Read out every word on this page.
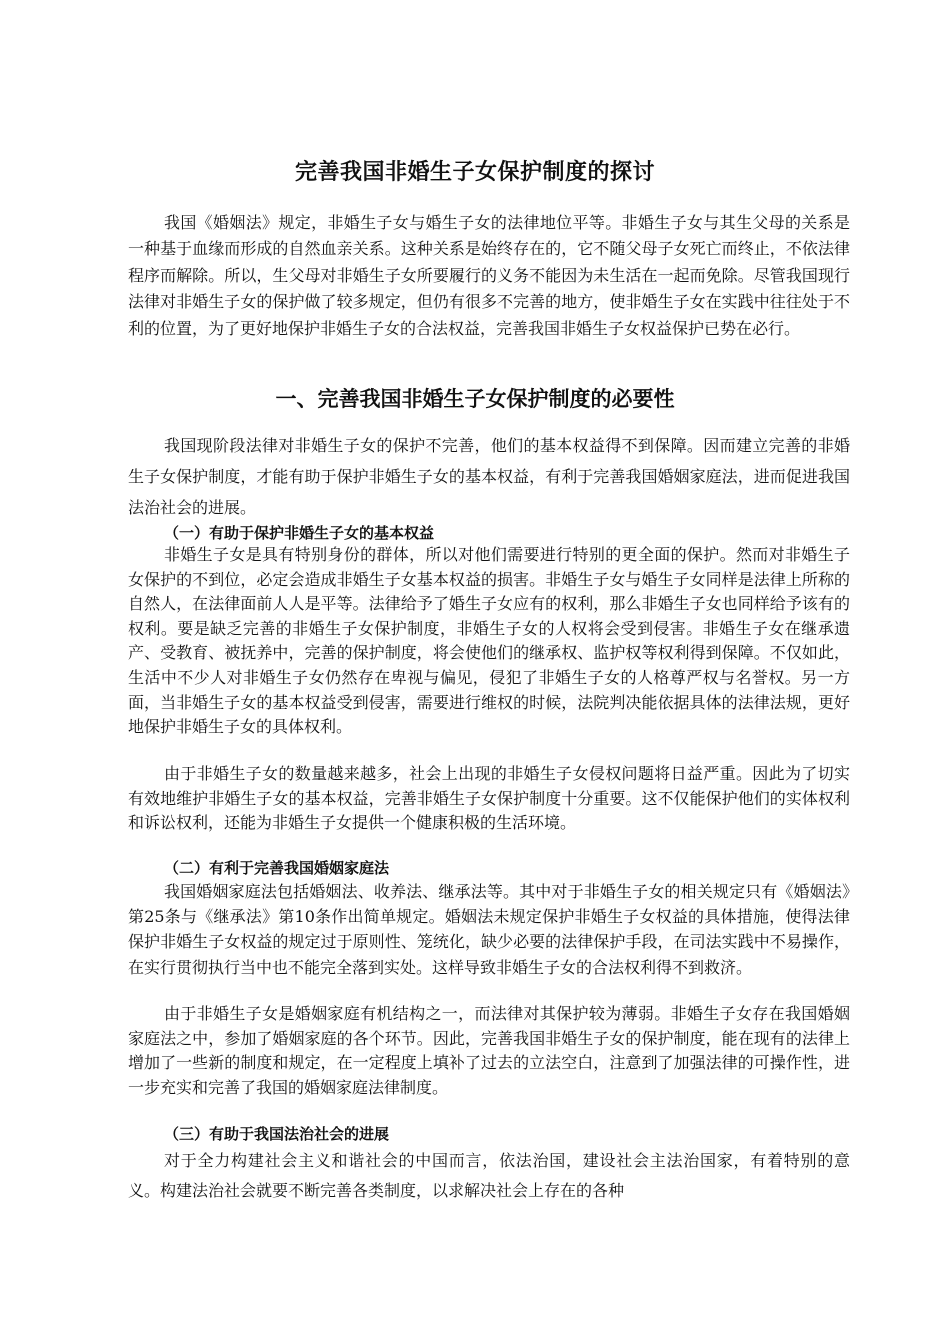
完善我国非婚生子女保护制度的探讨

我国《婚姻法》规定，非婚生子女与婚生子女的法律地位平等。非婚生子女与其生父母的关系是一种基于血缘而形成的自然血亲关系。这种关系是始终存在的，它不随父母子女死亡而终止，不依法律程序而解除。所以，生父母对非婚生子女所要履行的义务不能因为未生活在一起而免除。尽管我国现行法律对非婚生子女的保护做了较多规定，但仍有很多不完善的地方，使非婚生子女在实践中往往处于不利的位置，为了更好地保护非婚生子女的合法权益，完善我国非婚生子女权益保护已势在必行。

一、完善我国非婚生子女保护制度的必要性

我国现阶段法律对非婚生子女的保护不完善，他们的基本权益得不到保障。因而建立完善的非婚生子女保护制度，才能有助于保护非婚生子女的基本权益，有利于完善我国婚姻家庭法，进而促进我国法治社会的进展。

（一）有助于保护非婚生子女的基本权益

非婚生子女是具有特别身份的群体，所以对他们需要进行特别的更全面的保护。然而对非婚生子女保护的不到位，必定会造成非婚生子女基本权益的损害。非婚生子女与婚生子女同样是法律上所称的自然人，在法律面前人人是平等。法律给予了婚生子女应有的权利，那么非婚生子女也同样给予该有的权利。要是缺乏完善的非婚生子女保护制度，非婚生子女的人权将会受到侵害。非婚生子女在继承遗产、受教育、被抚养中，完善的保护制度，将会使他们的继承权、监护权等权利得到保障。不仅如此，生活中不少人对非婚生子女仍然存在卑视与偏见，侵犯了非婚生子女的人格尊严权与名誉权。另一方面，当非婚生子女的基本权益受到侵害，需要进行维权的时候，法院判决能依据具体的法律法规，更好地保护非婚生子女的具体权利。

由于非婚生子女的数量越来越多，社会上出现的非婚生子女侵权问题将日益严重。因此为了切实有效地维护非婚生子女的基本权益，完善非婚生子女保护制度十分重要。这不仅能保护他们的实体权利和诉讼权利，还能为非婚生子女提供一个健康积极的生活环境。

（二）有利于完善我国婚姻家庭法

我国婚姻家庭法包括婚姻法、收养法、继承法等。其中对于非婚生子女的相关规定只有《婚姻法》第25条与《继承法》第10条作出简单规定。婚姻法未规定保护非婚生子女权益的具体措施，使得法律保护非婚生子女权益的规定过于原则性、笼统化，缺少必要的法律保护手段，在司法实践中不易操作，在实行贯彻执行当中也不能完全落到实处。这样导致非婚生子女的合法权利得不到救济。

由于非婚生子女是婚姻家庭有机结构之一，而法律对其保护较为薄弱。非婚生子女存在我国婚姻家庭法之中，参加了婚姻家庭的各个环节。因此，完善我国非婚生子女的保护制度，能在现有的法律上增加了一些新的制度和规定，在一定程度上填补了过去的立法空白，注意到了加强法律的可操作性，进一步充实和完善了我国的婚姻家庭法律制度。

（三）有助于我国法治社会的进展

对于全力构建社会主义和谐社会的中国而言，依法治国，建设社会主法治国家，有着特别的意义。构建法治社会就要不断完善各类制度，以求解决社会上存在的各种
